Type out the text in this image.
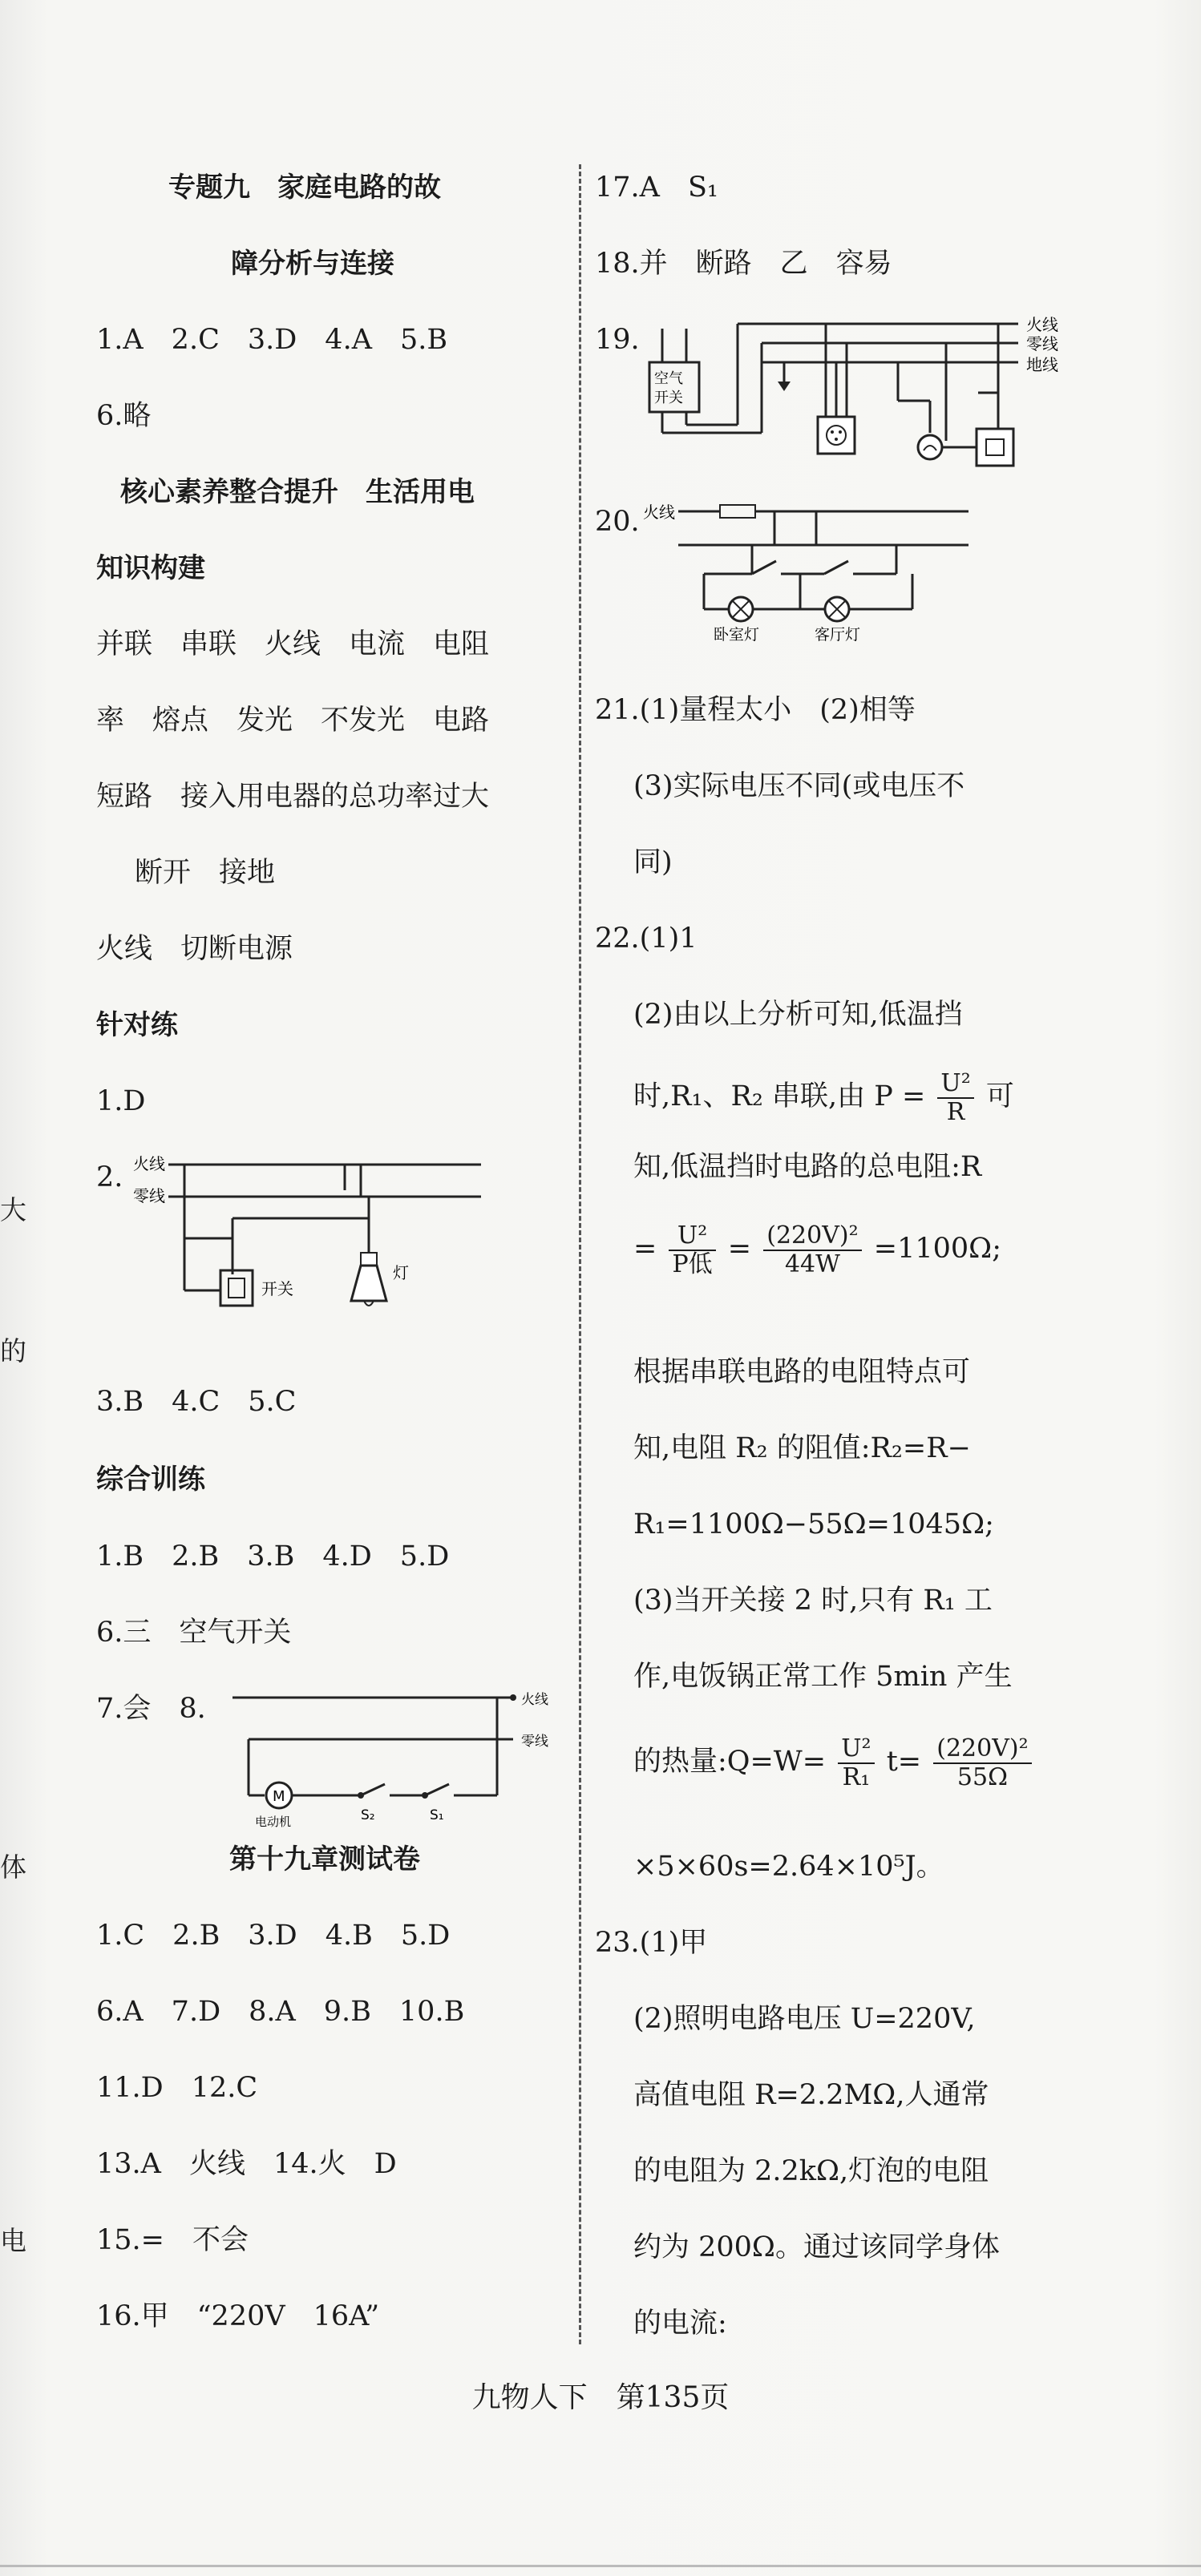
大
的
体
电
专题九　家庭电路的故
障分析与连接
1.A　2.C　3.D　4.A　5.B
6.略
核心素养整合提升　生活用电
知识构建
并联　串联　火线　电流　电阻
率　熔点　发光　不发光　电路
短路　接入用电器的总功率过大
断开　接地
火线　切断电源
针对练
1.D
2. 火线
零线
开关
灯
3.B　4.C　5.C
综合训练
1.B　2.B　3.B　4.D　5.D
6.三　空气开关
7.会　8.	火线
零线
M
电动机	S₂	S₁
第十九章测试卷
1.C　2.B　3.D　4.B　5.D
6.A　7.D　8.A　9.B　10.B
11.D　12.C
13.A　火线　14.火　D
15.=　不会
16.甲　“220V　16A”
17.A　S₁
18.并　断路　乙　容易
19.	火线
零线
地线
空气
开关
20. 火线
卧室灯	客厅灯
21.(1)量程太小　(2)相等
(3)实际电压不同(或电压不
同)
22.(1)1
(2)由以上分析可知,低温挡
时,R₁、R₂ 串联,由 $P = \frac{\text{U²}}{R}$ 可
知,低温挡时电路的总电阻:R
= $\frac{\text{U²}}{\text{P低}} = \frac{\text{(220V)²}}{44W} =1100\Omega$;
根据串联电路的电阻特点可
知,电阻 R₂ 的阻值:R₂=R−
R₁=1100Ω−55Ω=1045Ω;
(3)当开关接 2 时,只有 R₁ 工
作,电饭锅正常工作 5min 产生
的热量:Q=W= $\frac{\text{U²}}{\text{R₁}} t= \frac{\text{(220V)²}}{55\Omega}$
×5×60s=2.64×10⁵J。
23.(1)甲
(2)照明电路电压 U=220V,
高值电阻 R=2.2MΩ,人通常
的电阻为 2.2kΩ,灯泡的电阻
约为 200Ω。通过该同学身体
的电流:
九物人下　第135页
